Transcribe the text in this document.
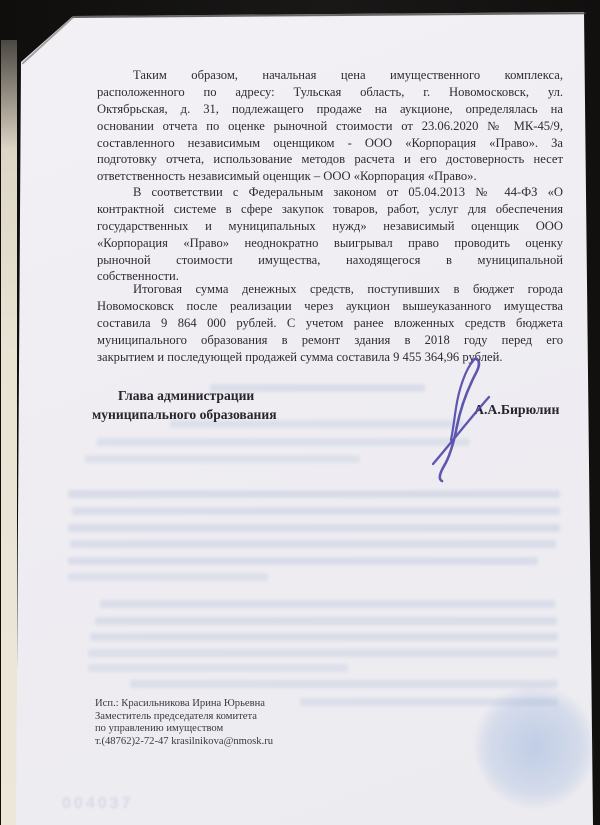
Таким образом, начальная цена имущественного комплекса,
расположенного по адресу: Тульская область, г. Новомосковск, ул.
Октябрьская, д. 31, подлежащего продаже на аукционе, определялась на
основании отчета по оценке рыночной стоимости от 23.06.2020 № МК-45/9,
составленного независимым оценщиком - ООО «Корпорация «Право». За
подготовку отчета, использование методов расчета и его достоверность несет
ответственность независимый оценщик – ООО «Корпорация «Право».
В соответствии с Федеральным законом от 05.04.2013 № 44-ФЗ «О
контрактной системе в сфере закупок товаров, работ, услуг для обеспечения
государственных и муниципальных нужд» независимый оценщик ООО
«Корпорация «Право» неоднократно выигрывал право проводить оценку
рыночной стоимости имущества, находящегося в муниципальной
собственности.
Итоговая сумма денежных средств, поступивших в бюджет города
Новомосковск после реализации через аукцион вышеуказанного имущества
составила 9 864 000 рублей. С учетом ранее вложенных средств бюджета
муниципального образования в ремонт здания в 2018 году перед его
закрытием и последующей продажей сумма составила 9 455 364,96 рублей.
Глава администрации
муниципального образования	А.А.Бирюлин
Исп.: Красильникова Ирина Юрьевна
Заместитель председателя комитета
по управлению имуществом
т.(48762)2-72-47 krasilnikova@nmosk.ru
004037
